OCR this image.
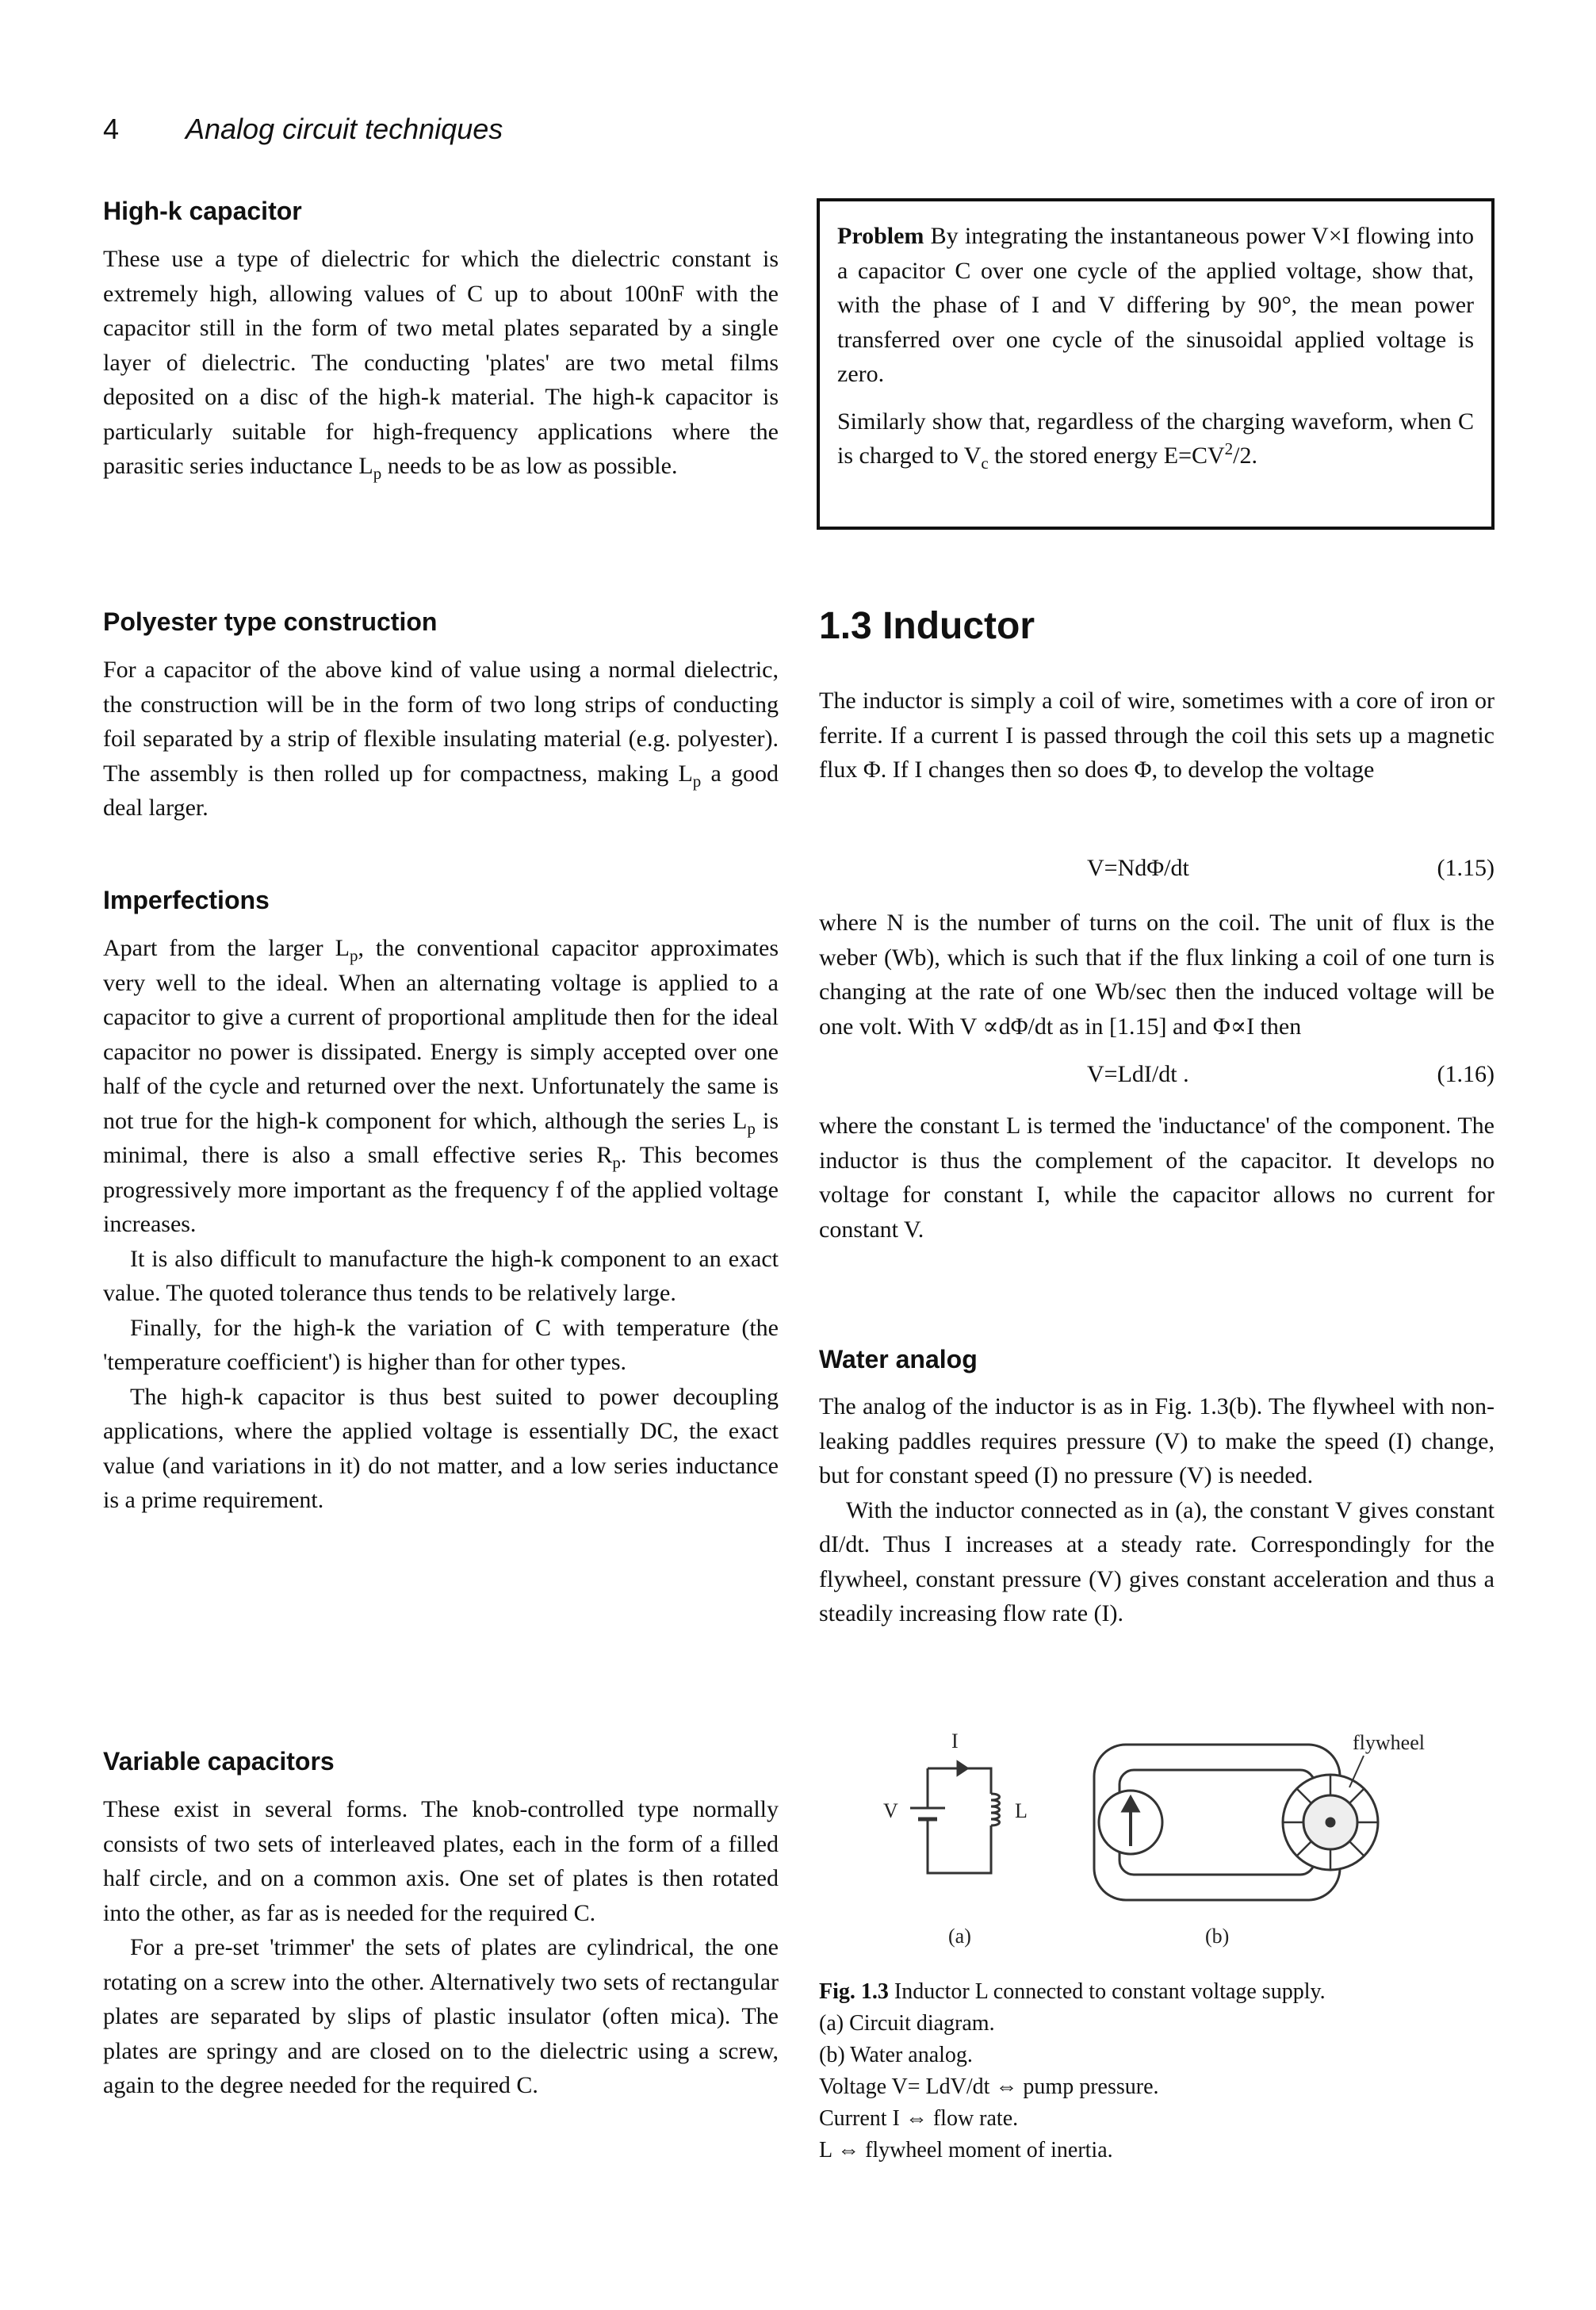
4 Analog circuit techniques
High-k capacitor

These use a type of dielectric for which the dielectric constant is extremely high, allowing values of C up to about 100nF with the capacitor still in the form of two metal plates separated by a single layer of dielectric. The conducting 'plates' are two metal films deposited on a disc of the high-k material. The high-k capacitor is particularly suitable for high-frequency applications where the parasitic series inductance $L_p$ needs to be as low as possible.

Polyester type construction

For a capacitor of the above kind of value using a normal dielectric, the construction will be in the form of two long strips of conducting foil separated by a strip of flexible insulating material (e.g. polyester). The assembly is then rolled up for compactness, making $L_p$ a good deal larger.

Imperfections

Apart from the larger $L_p$, the conventional capacitor approximates very well to the ideal. When an alternating voltage is applied to a capacitor to give a current of proportional amplitude then for the ideal capacitor no power is dissipated. Energy is simply accepted over one half of the cycle and returned over the next. Unfortunately the same is not true for the high-k component for which, although the series $L_p$ is minimal, there is also a small effective series $R_p$. This becomes progressively more important as the frequency f of the applied voltage increases.

It is also difficult to manufacture the high-k component to an exact value. The quoted tolerance thus tends to be relatively large.

Finally, for the high-k the variation of C with temperature (the 'temperature coefficient') is higher than for other types.

The high-k capacitor is thus best suited to power decoupling applications, where the applied voltage is essentially DC, the exact value (and variations in it) do not matter, and a low series inductance is a prime requirement.

Variable capacitors

These exist in several forms. The knob-controlled type normally consists of two sets of interleaved plates, each in the form of a filled half circle, and on a common axis. One set of plates is then rotated into the other, as far as is needed for the required C.

For a pre-set 'trimmer' the sets of plates are cylindrical, the one rotating on a screw into the other. Alternatively two sets of rectangular plates are separated by slips of plastic insulator (often mica). The plates are springy and are closed on to the dielectric using a screw, again to the degree needed for the required C.

Problem By integrating the instantaneous power V×I flowing into a capacitor C over one cycle of the applied voltage, show that, with the phase of I and V differing by 90°, the mean power transferred over one cycle of the sinusoidal applied voltage is zero.

Similarly show that, regardless of the charging waveform, when C is charged to $V_c$ the stored energy $E=CV^2/2$.

1.3 Inductor
The inductor is simply a coil of wire, sometimes with a core of iron or ferrite. If a current I is passed through the coil this sets up a magnetic flux Φ. If I changes then so does Φ, to develop the voltage
V=NdΦ/dt	(1.15)
where N is the number of turns on the coil. The unit of flux is the weber (Wb), which is such that if the flux linking a coil of one turn is changing at the rate of one Wb/sec then the induced voltage will be one volt. With V ∝dΦ/dt as in [1.15] and Φ∝I then
V=LdI/dt .	(1.16)
where the constant L is termed the 'inductance' of the component. The inductor is thus the complement of the capacitor. It develops no voltage for constant I, while the capacitor allows no current for constant V.
Water analog

The analog of the inductor is as in Fig. 1.3(b). The flywheel with non-leaking paddles requires pressure (V) to make the speed (I) change, but for constant speed (I) no pressure (V) is needed.

With the inductor connected as in (a), the constant V gives constant dI/dt. Thus I increases at a steady rate. Correspondingly for the flywheel, constant pressure (V) gives constant acceleration and thus a steadily increasing flow rate (I).

I
V	L
(a)
flywheel
(b)
Fig. 1.3 Inductor L connected to constant voltage supply.
(a) Circuit diagram.
(b) Water analog.
Voltage V= LdV/dt ⇔ pump pressure.
Current I ⇔ flow rate.
L ⇔ flywheel moment of inertia.
